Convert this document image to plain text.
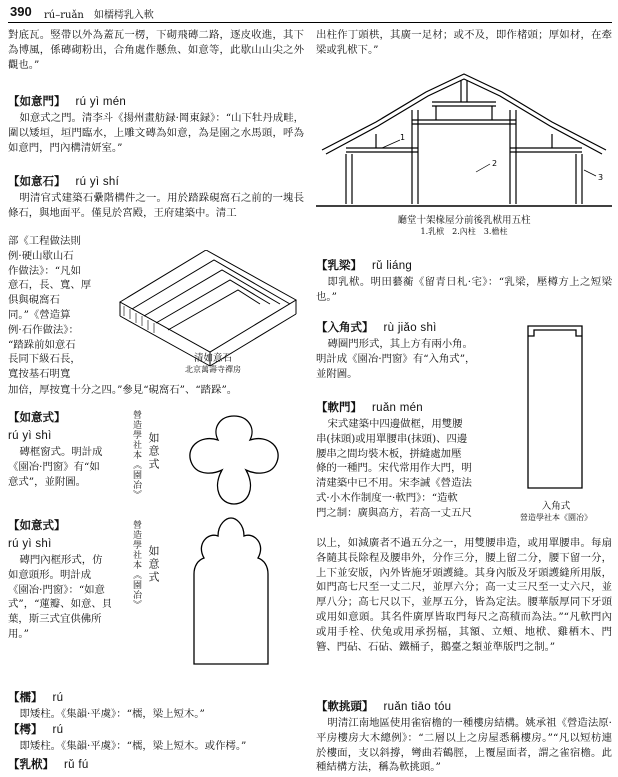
390 rú–ruǎn　如檽樗乳入軟

對底瓦。竪帶以外為蓋瓦一楞，下砌飛磚二路，逐皮收進，其下為博風，係磚砌粉出，合角處作懸魚、如意等，此歇山山尖之外觀也。”

【如意門】 rú yì mén

如意式之門。清李斗《揚州畫舫録·岡東録》：“山下牡丹成畦，圍以矮垣，垣門臨水，上雕文磚為如意，為是園之水馬頭，呼為如意門，門內構清妍室。”

【如意石】 rú yì shí

明清官式建築石纍階構件之一。用於踏跺硯窩石之前的一塊長條石，與地面平。僅見於宮殿，王府建築中。清工

部《工程做法則

例·硬山歇山石

作做法》：“凡如

意石，長、寬、厚

俱與硯窩石

同。”《營造算

例·石作做法》：

“踏跺前如意石

長同下級石長，

寬按基石明寬

清如意石
北京萬壽寺禪房

加倍，厚按寬十分之四。”參見“硯窩石”、“踏跺”。

【如意式】

rú yì shì

磚框窗式。明計成

《園冶·門窗》有“如

意式”，並附圖。	營造學社本《園冶》 如意式

【如意式】

rú yì shì

磚門內框形式，仿

如意頭形。明計成

《園冶·門窗》：“如意

式”，“蓮瓣、如意、貝

葉，斯三式宜供佛所

用。”

營造學社本《園冶》 如意式

【檽】 rú

即矮柱。《集韻·平虞》：“檽，梁上短木。”

【樗】 rú

即矮柱。《集韻·平虞》：“檽，梁上短木。或作樗。”

【乳栿】 rǔ fú

出柱作丁頭栱，其廣一足材；或不及，即作楮頭；厚如材，在牽梁或乳栿下。”

1
2
3
廳堂十架椽屋分前後乳栿用五柱
1.乳栿　2.內柱　3.檐柱

【乳梁】 rǔ liáng

即乳栿。明田藝蘅《留青日札·宅》：“乳梁，壓樽方上之短梁也。”

【入角式】 rù jiǎo shì

磚圈門形式，其上方有兩小角。

明計成《園冶·門窗》有“入角式”，

並附圖。

入角式
營造學社本《園冶》

【軟門】 ruǎn mén

宋式建築中四邊做框，用雙腰

串(抹頭)或用單腰串(抹頭)、四邊

腰串之間均裝木板，拼縫處加壓

條的一種門。宋代常用作大門，明

清建築中已不用。宋李誡《營造法

式·小木作制度一·軟門》：“造軟

門之制：廣與高方，若高一丈五尺

以上，如減廣者不過五分之一，用雙腰串造，或用單腰串。每扇各隨其長除程及腰串外，分作三分，腰上留二分，腰下留一分，上下並安版，內外皆施牙頭護縫。其身內版及牙頭護縫所用版，如門高七尺至一丈二尺，並厚六分；高一丈三尺至一丈六尺，並厚八分；高七尺以下，並厚五分，皆為定法。腰華版厚同下牙頭或用如意頭。其名件廣厚皆取門每尺之高積而為法。”“凡軟門內或用手栓、伏兔或用承拐楅，其額、立頰、地栿、雞栖木、門簪、門砧、石砧、鐵桶子，鵝臺之類並準版門之制。”

【軟挑頭】 ruǎn tiāo tóu

明清江南地區使用雀宿檐的一種樓房結構。姚承祖《營造法原·平房樓房大木總例》：“二層以上之房屋悉稱樓房。”“凡以短枋連於樓面，支以斜撐，彎曲若鶴脛，上覆屋面者，謂之雀宿檐。此種結構方法，稱為軟挑頭。”
